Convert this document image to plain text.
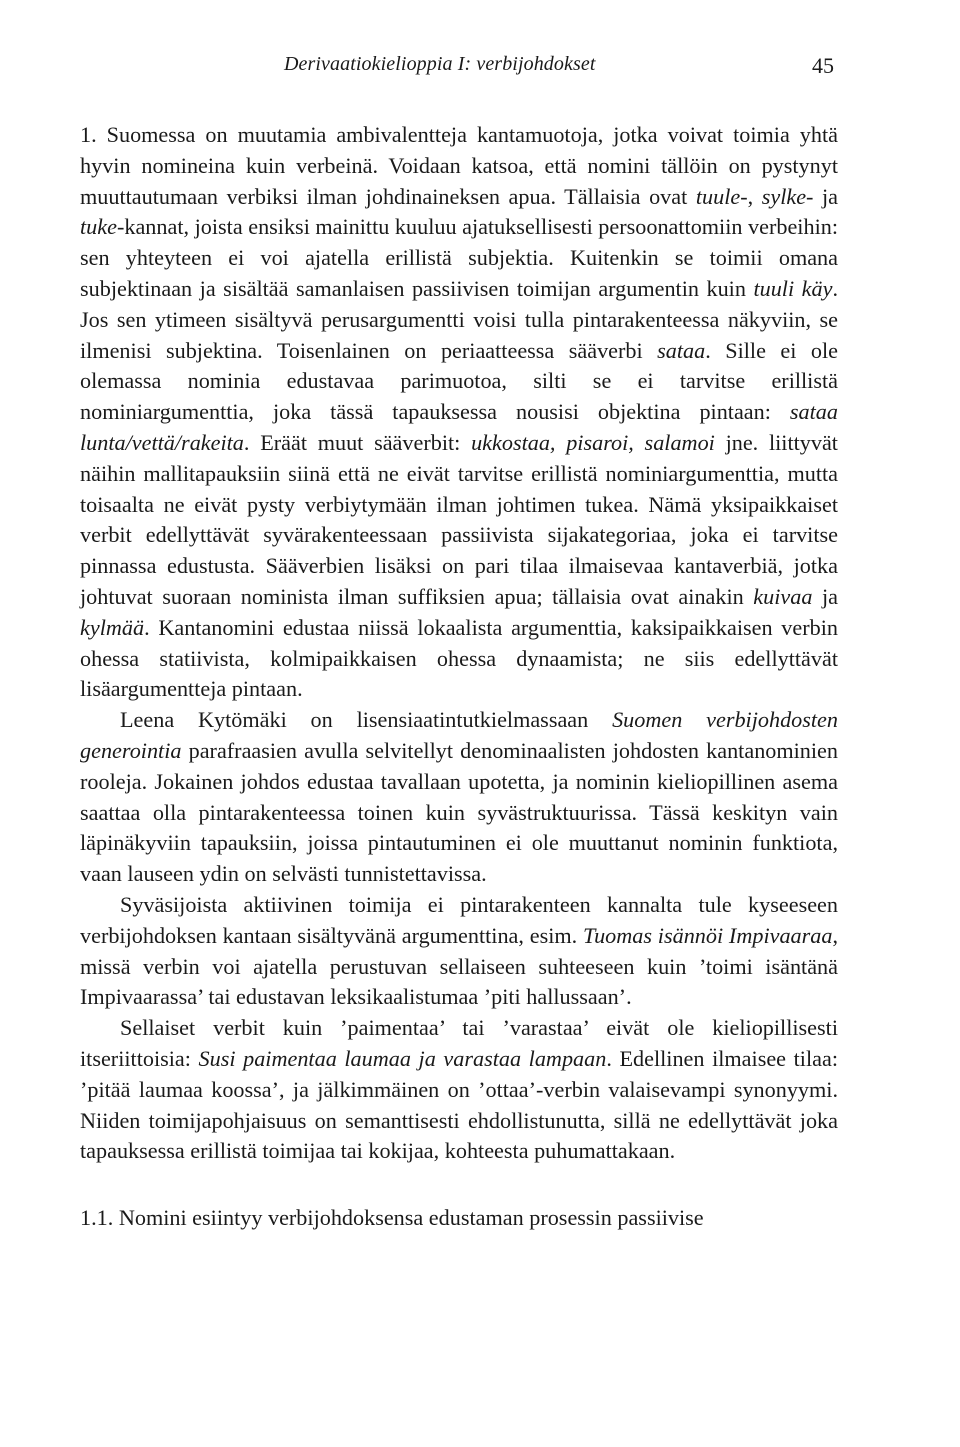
Derivaatiokielioppia I: verbijohdokset	45

1. Suomessa on muutamia ambivalentteja kantamuotoja, jotka voivat toimia yhtä hyvin nomineina kuin verbeinä. Voidaan katsoa, että nomini tällöin on pystynyt muuttautumaan verbiksi ilman johdinaineksen apua. Tällaisia ovat tuule-, sylke- ja tuke-kannat, joista ensiksi mainittu kuuluu ajatuksellisesti persoonattomiin verbeihin: sen yhteyteen ei voi ajatella erillistä subjektia. Kuitenkin se toimii omana subjektinaan ja sisältää samanlaisen passiivisen toimijan argumentin kuin tuuli käy. Jos sen ytimeen sisältyvä perusargumentti voisi tulla pintarakenteessa näkyviin, se ilmenisi subjektina. Toisenlainen on periaatteessa sääverbi sataa. Sille ei ole olemassa nominia edustavaa parimuotoa, silti se ei tarvitse erillistä nominiargumenttia, joka tässä tapauksessa nousisi objektina pintaan: sataa lunta/vettä/rakeita. Eräät muut sääverbit: ukkostaa, pisaroi, salamoi jne. liittyvät näihin mallitapauksiin siinä että ne eivät tarvitse erillistä nominiargumenttia, mutta toisaalta ne eivät pysty verbiytymään ilman johtimen tukea. Nämä yksipaikkaiset verbit edellyttävät syvärakenteessaan passiivista sijakategoriaa, joka ei tarvitse pinnassa edustusta. Sääverbien lisäksi on pari tilaa ilmaisevaa kantaverbiä, jotka johtuvat suoraan nominista ilman suffiksien apua; tällaisia ovat ainakin kuivaa ja kylmää. Kantanomini edustaa niissä lokaalista argumenttia, kaksipaikkaisen verbin ohessa statiivista, kolmipaikkaisen ohessa dynaamista; ne siis edellyttävät lisäargumentteja pintaan.

Leena Kytömäki on lisensiaatintutkielmassaan Suomen verbijohdosten generointia parafraasien avulla selvitellyt denominaalisten johdosten kantanominien rooleja. Jokainen johdos edustaa tavallaan upotetta, ja nominin kieliopillinen asema saattaa olla pintarakenteessa toinen kuin syvästruktuurissa. Tässä keskityn vain läpinäkyviin tapauksiin, joissa pintautuminen ei ole muuttanut nominin funktiota, vaan lauseen ydin on selvästi tunnistettavissa.

Syväsijoista aktiivinen toimija ei pintarakenteen kannalta tule kyseeseen verbijohdoksen kantaan sisältyvänä argumenttina, esim. Tuomas isännöi Impivaaraa, missä verbin voi ajatella perustuvan sellaiseen suhteeseen kuin ’toimi isäntänä Impivaarassa’ tai edustavan leksikaalistumaa ’piti hallussaan’.

Sellaiset verbit kuin ’paimentaa’ tai ’varastaa’ eivät ole kieliopillisesti itseriittoisia: Susi paimentaa laumaa ja varastaa lampaan. Edellinen ilmaisee tilaa: ’pitää laumaa koossa’, ja jälkimmäinen on ’ottaa’-verbin valaisevampi synonyymi. Niiden toimijapohjaisuus on semanttisesti ehdollistunutta, sillä ne edellyttävät joka tapauksessa erillistä toimijaa tai kokijaa, kohteesta puhumattakaan.

1.1. Nomini esiintyy verbijohdoksensa edustaman prosessin passiivise
